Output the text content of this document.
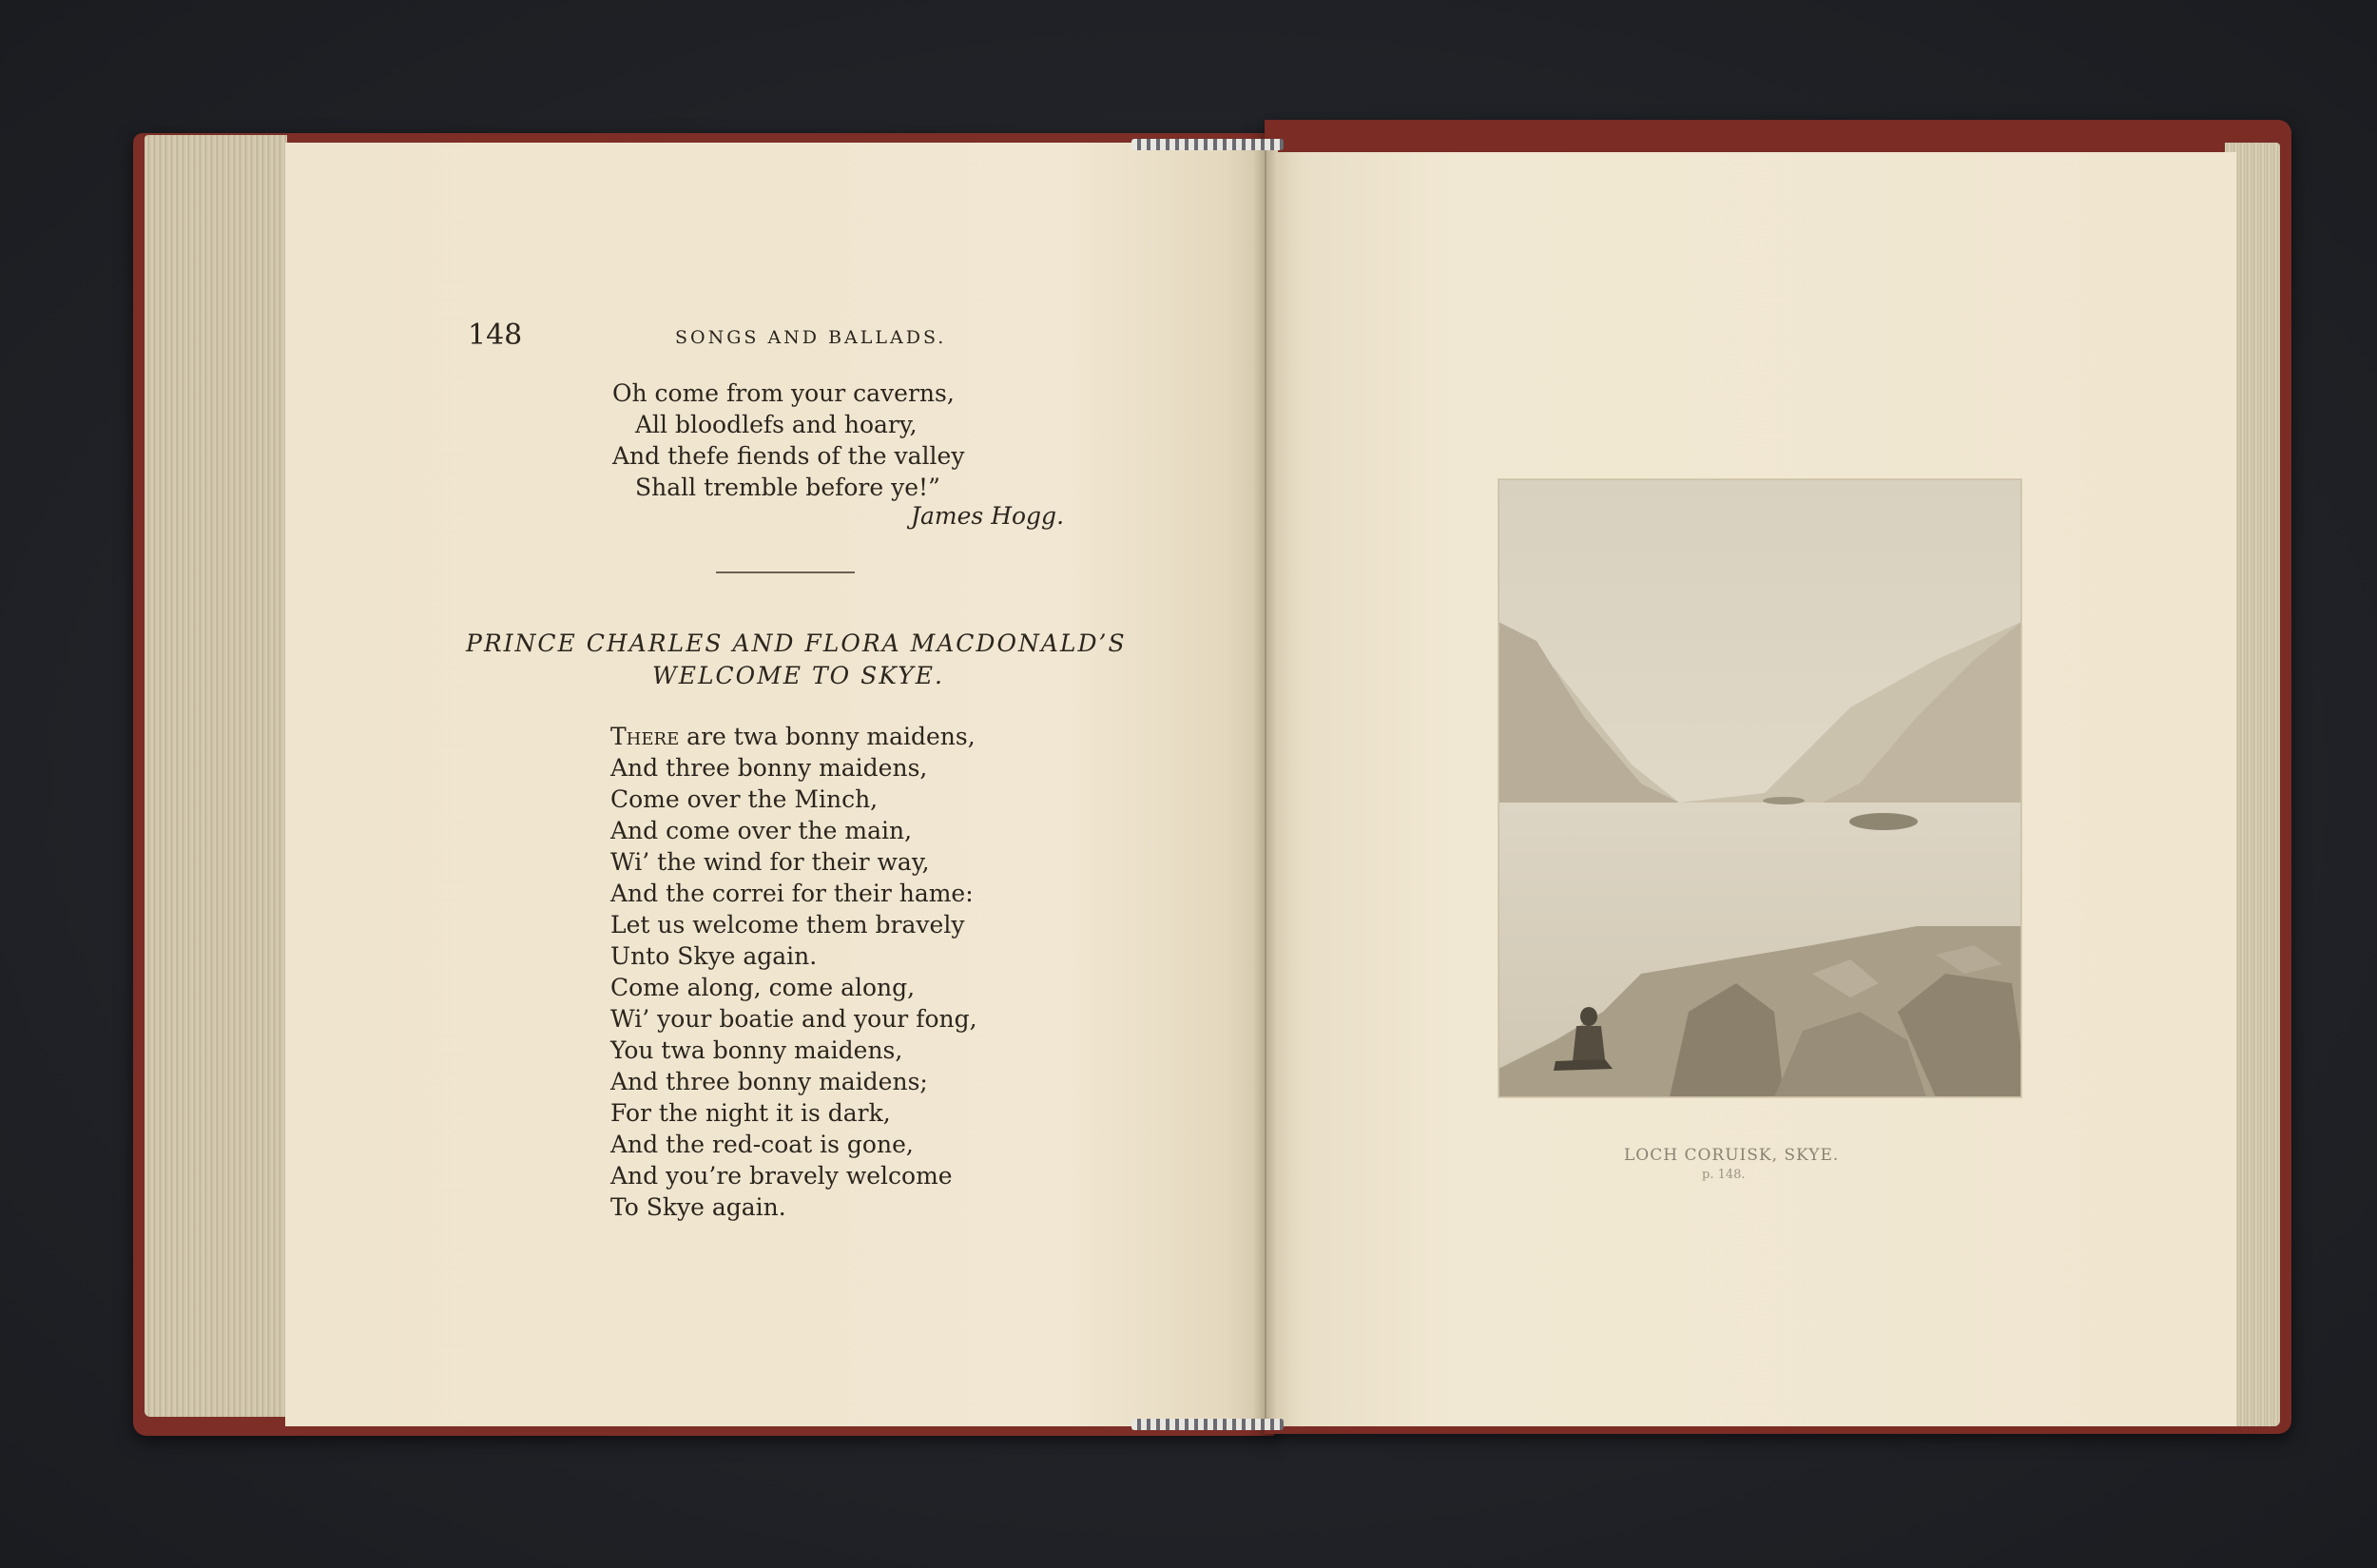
148	SONGS AND BALLADS.
Oh come from your caverns,
All bloodlefs and hoary,
And thefe fiends of the valley
Shall tremble before ye!”
James Hogg.
PRINCE CHARLES AND FLORA MACDONALD’S
WELCOME TO SKYE.
There are twa bonny maidens,
And three bonny maidens,
Come over the Minch,
And come over the main,
Wi’ the wind for their way,
And the correi for their hame:
Let us welcome them bravely
Unto Skye again.
Come along, come along,
Wi’ your boatie and your fong,
You twa bonny maidens,
And three bonny maidens;
For the night it is dark,
And the red-coat is gone,
And you’re bravely welcome
To Skye again.
LOCH CORUISK, SKYE.
p. 148.
